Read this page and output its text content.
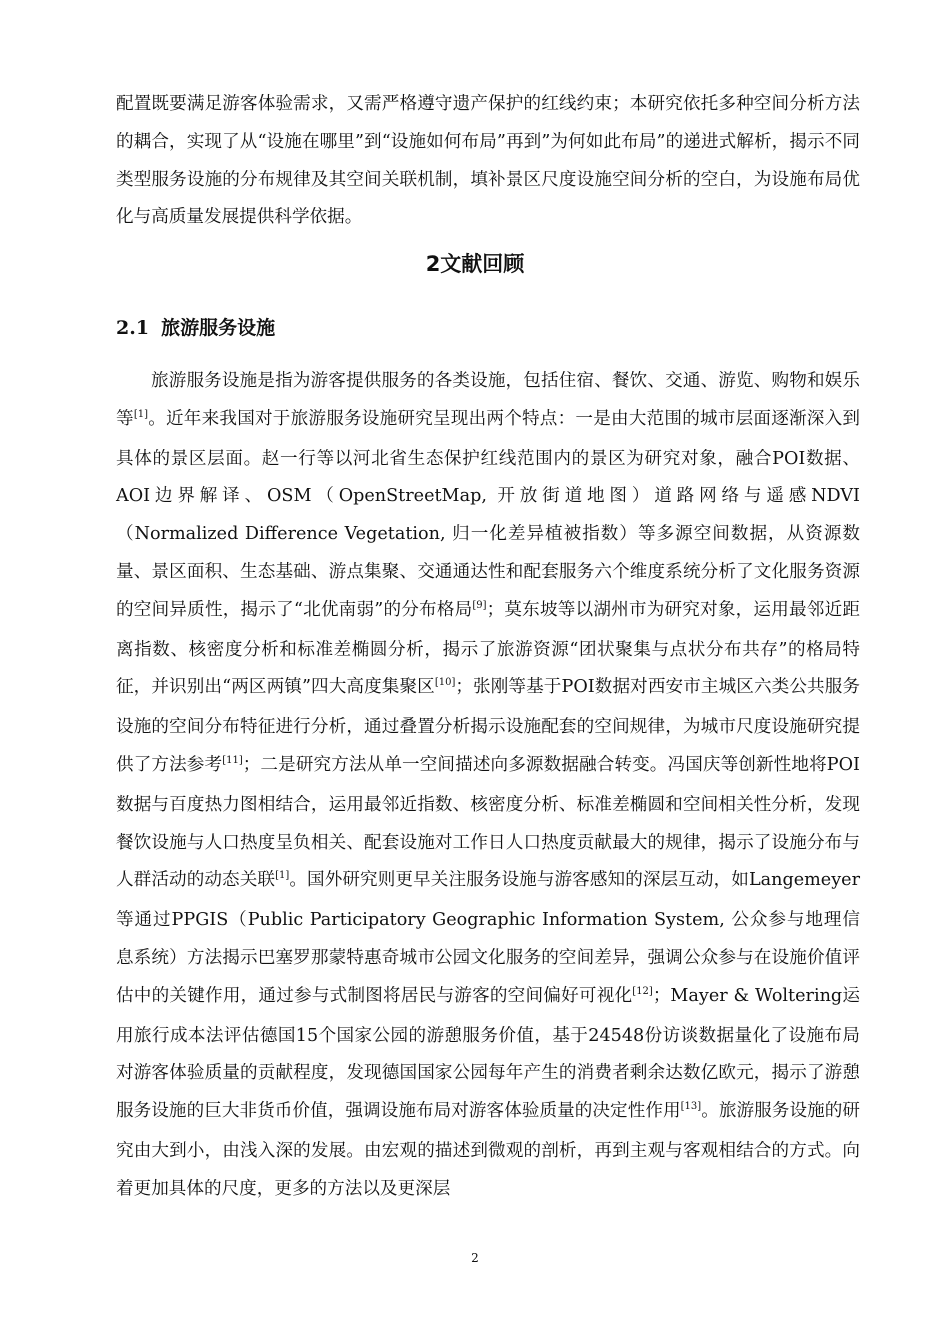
配置既要满足游客体验需求，又需严格遵守遗产保护的红线约束；本研究依托多种空间分析方法的耦合，实现了从“设施在哪里”到“设施如何布局”再到”为何如此布局”的递进式解析，揭示不同类型服务设施的分布规律及其空间关联机制，填补景区尺度设施空间分析的空白，为设施布局优化与高质量发展提供科学依据。

2文献回顾
2.1 旅游服务设施

旅游服务设施是指为游客提供服务的各类设施，包括住宿、餐饮、交通、游览、购物和娱乐等[1]。近年来我国对于旅游服务设施研究呈现出两个特点：一是由大范围的城市层面逐渐深入到具体的景区层面。赵一行等以河北省生态保护红线范围内的景区为研究对象，融合POI数据、AOI边界解译、OSM（OpenStreetMap, 开放街道地图）道路网络与遥感NDVI（Normalized Difference Vegetation, 归一化差异植被指数）等多源空间数据，从资源数量、景区面积、生态基础、游点集聚、交通通达性和配套服务六个维度系统分析了文化服务资源的空间异质性，揭示了“北优南弱”的分布格局[9]；莫东坡等以湖州市为研究对象，运用最邻近距离指数、核密度分析和标准差椭圆分析，揭示了旅游资源“团状聚集与点状分布共存”的格局特征，并识别出“两区两镇”四大高度集聚区[10]；张刚等基于POI数据对西安市主城区六类公共服务设施的空间分布特征进行分析，通过叠置分析揭示设施配套的空间规律，为城市尺度设施研究提供了方法参考[11]；二是研究方法从单一空间描述向多源数据融合转变。冯国庆等创新性地将POI数据与百度热力图相结合，运用最邻近指数、核密度分析、标准差椭圆和空间相关性分析，发现餐饮设施与人口热度呈负相关、配套设施对工作日人口热度贡献最大的规律，揭示了设施分布与人群活动的动态关联[1]。国外研究则更早关注服务设施与游客感知的深层互动，如Langemeyer等通过PPGIS（Public Participatory Geographic Information System, 公众参与地理信息系统）方法揭示巴塞罗那蒙特惠奇城市公园文化服务的空间差异，强调公众参与在设施价值评估中的关键作用，通过参与式制图将居民与游客的空间偏好可视化[12]；Mayer & Woltering运用旅行成本法评估德国15个国家公园的游憩服务价值，基于24548份访谈数据量化了设施布局对游客体验质量的贡献程度，发现德国国家公园每年产生的消费者剩余达数亿欧元，揭示了游憩服务设施的巨大非货币价值，强调设施布局对游客体验质量的决定性作用[13]。旅游服务设施的研究由大到小，由浅入深的发展。由宏观的描述到微观的剖析，再到主观与客观相结合的方式。向着更加具体的尺度，更多的方法以及更深层

2
